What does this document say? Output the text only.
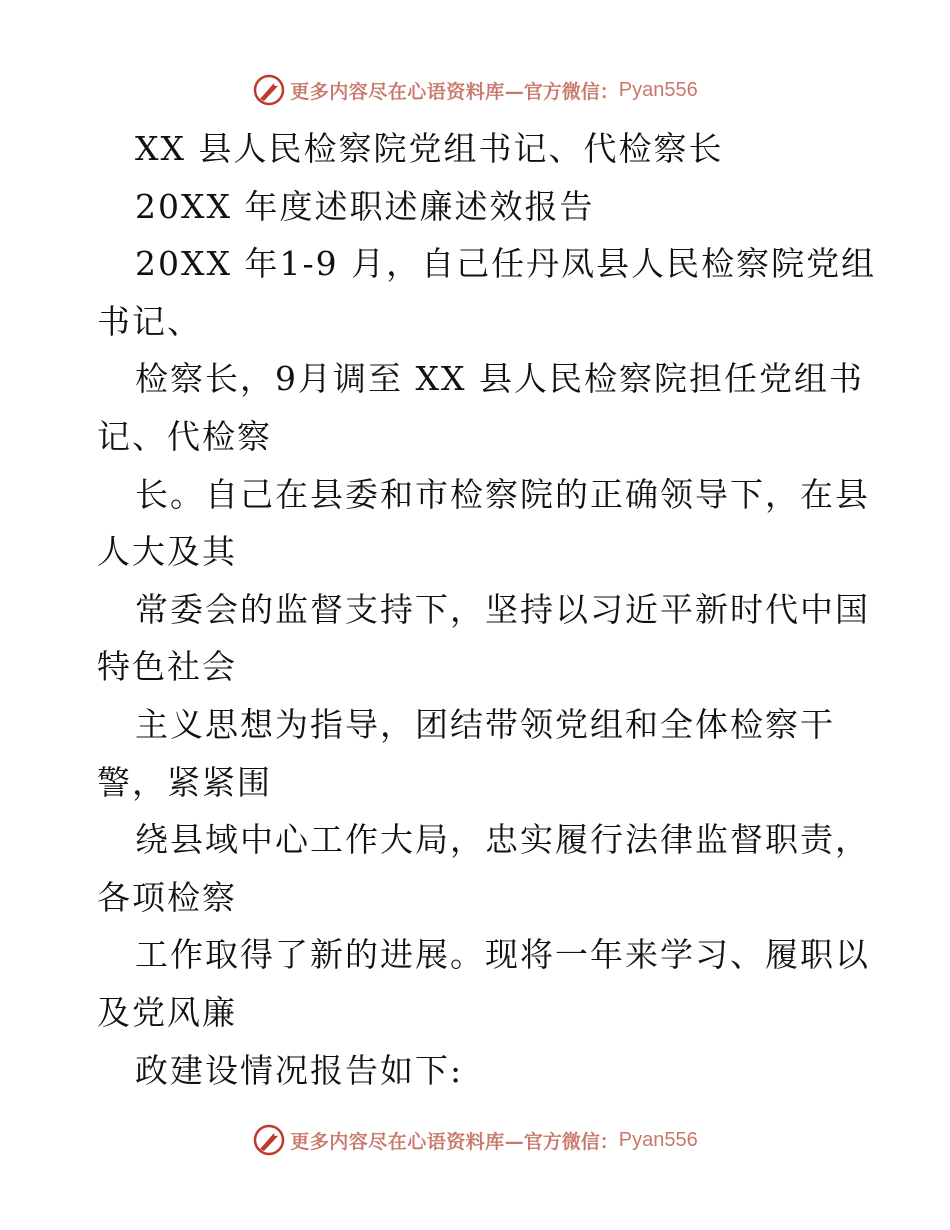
更多内容尽在心语资料库 —官方微信： Pyan556
XX 县人民检察院党组书记、代检察长
20XX 年度述职述廉述效报告
20XX 年1-9 月，自己任丹凤县人民检察院党组
书记、
检察长，9月调至 XX 县人民检察院担任党组书
记、代检察
长。自己在县委和市检察院的正确领导下，在县
人大及其
常委会的监督支持下，坚持以习近平新时代中国
特色社会
主义思想为指导，团结带领党组和全体检察干
警，紧紧围
绕县域中心工作大局，忠实履行法律监督职责，
各项检察
工作取得了新的进展。现将一年来学习、履职以
及党风廉
政建设情况报告如下:
更多内容尽在心语资料库 —官方微信： Pyan556
